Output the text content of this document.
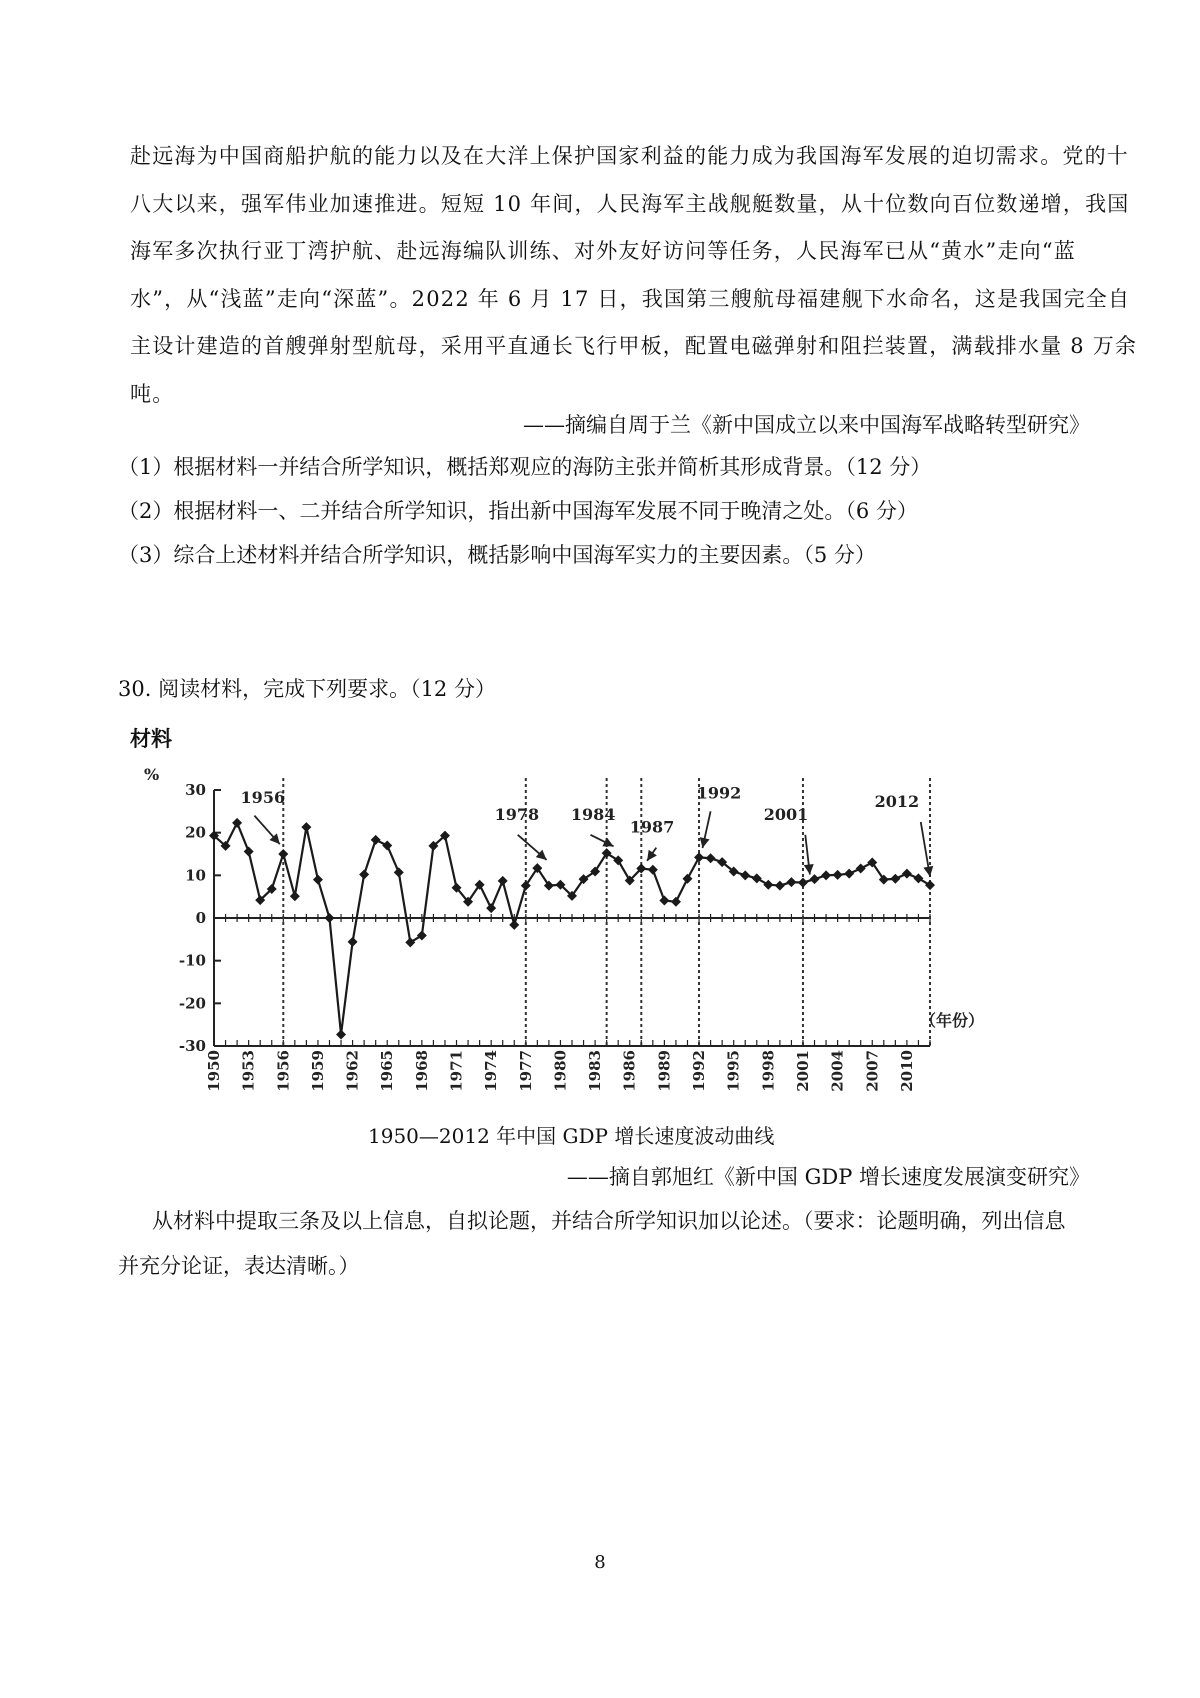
赴远海为中国商船护航的能力以及在大洋上保护国家利益的能力成为我国海军发展的迫切需求。党的十

八大以来，强军伟业加速推进。短短 10 年间，人民海军主战舰艇数量，从十位数向百位数递增，我国

海军多次执行亚丁湾护航、赴远海编队训练、对外友好访问等任务，人民海军已从“黄水”走向“蓝

水”，从“浅蓝”走向“深蓝”。2022 年 6 月 17 日，我国第三艘航母福建舰下水命名，这是我国完全自

主设计建造的首艘弹射型航母，采用平直通长飞行甲板，配置电磁弹射和阻拦装置，满载排水量 8 万余

吨。

——摘编自周于兰《新中国成立以来中国海军战略转型研究》
（1）根据材料一并结合所学知识，概括郑观应的海防主张并简析其形成背景。（12 分）
（2）根据材料一、二并结合所学知识，指出新中国海军发展不同于晚清之处。（6 分）
（3）综合上述材料并结合所学知识，概括影响中国海军实力的主要因素。（5 分）
30. 阅读材料，完成下列要求。（12 分）
材料
30
20
10
0
-10
-20
-30
1950 1953 1956 1959 1962 1965 1968 1971 1974 1977 1980 1983 1986 1989 1992 1995 1998 2001 2004 2007 2010
1956
1978 1984
1987
1992
2001
2012
%
（年份）
1950—2012 年中国 GDP 增长速度波动曲线
——摘自郭旭红《新中国 GDP 增长速度发展演变研究》
从材料中提取三条及以上信息，自拟论题，并结合所学知识加以论述。（要求：论题明确，列出信息
并充分论证，表达清晰。）
8
